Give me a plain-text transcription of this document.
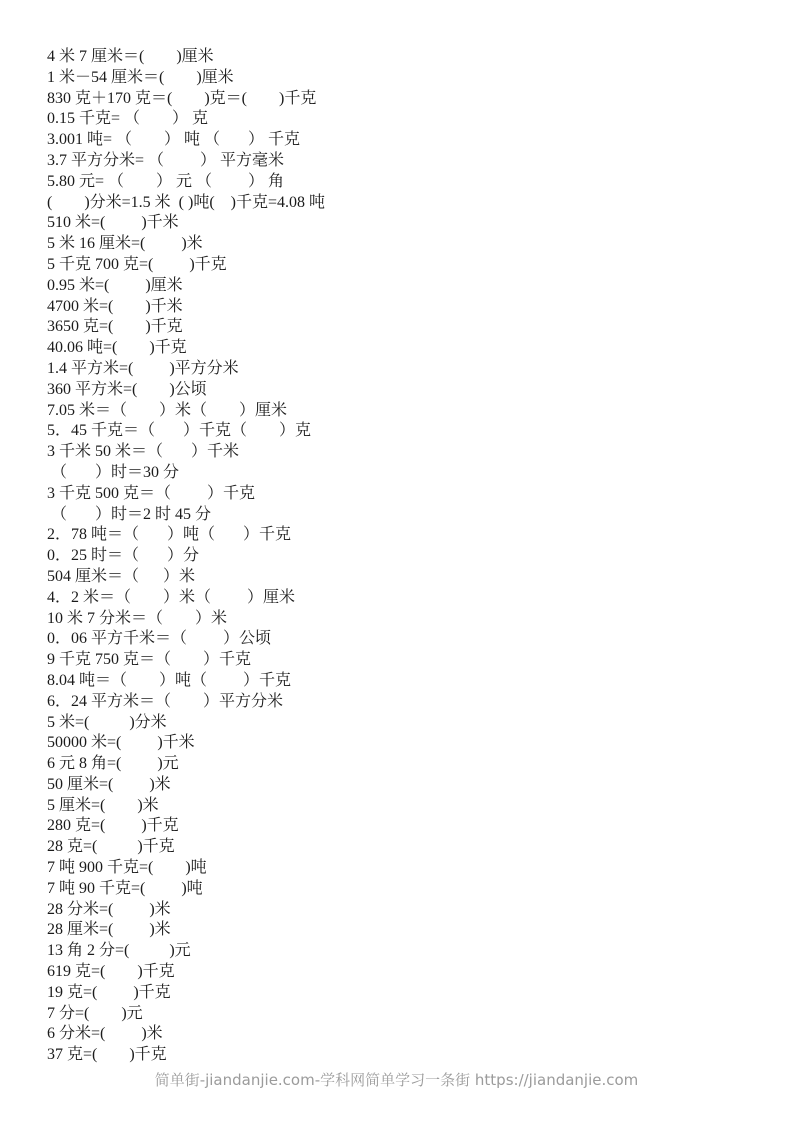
4 米 7 厘米＝(        )厘米
1 米－54 厘米＝(        )厘米
830 克＋170 克＝(        )克＝(        )千克
0.15 千克= （        ） 克
3.001 吨= （        ） 吨 （       ） 千克
3.7 平方分米= （         ） 平方毫米
5.80 元= （        ） 元 （         ） 角
(        )分米=1.5 米  ( )吨(    )千克=4.08 吨
510 米=(         )千米
5 米 16 厘米=(         )米
5 千克 700 克=(         )千克
0.95 米=(         )厘米
4700 米=(        )千米
3650 克=(        )千克
40.06 吨=(        )千克
1.4 平方米=(         )平方分米
360 平方米=(        )公顷
7.05 米＝（        ）米（        ）厘米
5．45 千克＝（       ）千克（        ）克
3 千米 50 米＝（       ）千米
（       ）时＝30 分
3 千克 500 克＝（         ）千克
（       ）时＝2 时 45 分
2．78 吨＝（       ）吨（       ）千克
0．25 时＝（       ）分
504 厘米＝（      ）米
4．2 米＝（        ）米（         ）厘米
10 米 7 分米＝（        ）米
0．06 平方千米＝（         ）公顷
9 千克 750 克＝（        ）千克
8.04 吨＝（        ）吨（         ）千克
6．24 平方米＝（        ）平方分米
5 米=(          )分米
50000 米=(         )千米
6 元 8 角=(         )元
50 厘米=(         )米
5 厘米=(        )米
280 克=(         )千克
28 克=(          )千克
7 吨 900 千克=(        )吨
7 吨 90 千克=(         )吨
28 分米=(         )米
28 厘米=(         )米
13 角 2 分=(          )元
619 克=(        )千克
19 克=(         )千克
7 分=(        )元
6 分米=(         )米
37 克=(        )千克
简单街-jiandanjie.com-学科网简单学习一条街 https://jiandanjie.com
